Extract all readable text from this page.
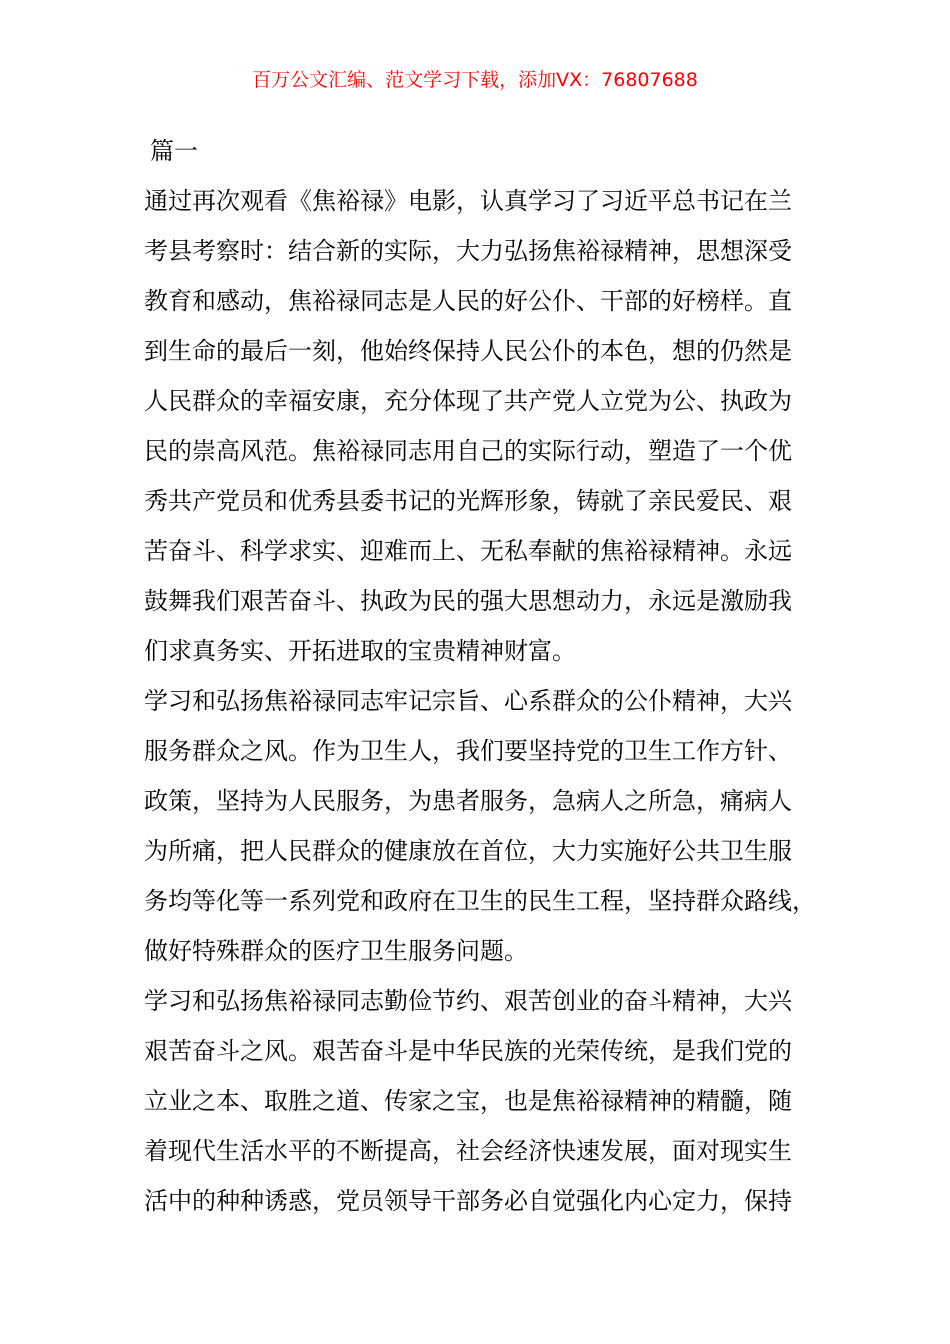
百万公文汇编、范文学习下载，添加VX：76807688
篇一
通过再次观看《焦裕禄》电影，认真学习了习近平总书记在兰
考县考察时：结合新的实际，大力弘扬焦裕禄精神，思想深受
教育和感动，焦裕禄同志是人民的好公仆、干部的好榜样。直
到生命的最后一刻，他始终保持人民公仆的本色，想的仍然是
人民群众的幸福安康，充分体现了共产党人立党为公、执政为
民的崇高风范。焦裕禄同志用自己的实际行动，塑造了一个优
秀共产党员和优秀县委书记的光辉形象，铸就了亲民爱民、艰
苦奋斗、科学求实、迎难而上、无私奉献的焦裕禄精神。永远
鼓舞我们艰苦奋斗、执政为民的强大思想动力，永远是激励我
们求真务实、开拓进取的宝贵精神财富。
学习和弘扬焦裕禄同志牢记宗旨、心系群众的公仆精神，大兴
服务群众之风。作为卫生人，我们要坚持党的卫生工作方针、
政策，坚持为人民服务，为患者服务，急病人之所急，痛病人
为所痛，把人民群众的健康放在首位，大力实施好公共卫生服
务均等化等一系列党和政府在卫生的民生工程，坚持群众路线，
做好特殊群众的医疗卫生服务问题。
学习和弘扬焦裕禄同志勤俭节约、艰苦创业的奋斗精神，大兴
艰苦奋斗之风。艰苦奋斗是中华民族的光荣传统，是我们党的
立业之本、取胜之道、传家之宝，也是焦裕禄精神的精髓，随
着现代生活水平的不断提高，社会经济快速发展，面对现实生
活中的种种诱惑，党员领导干部务必自觉强化内心定力，保持
